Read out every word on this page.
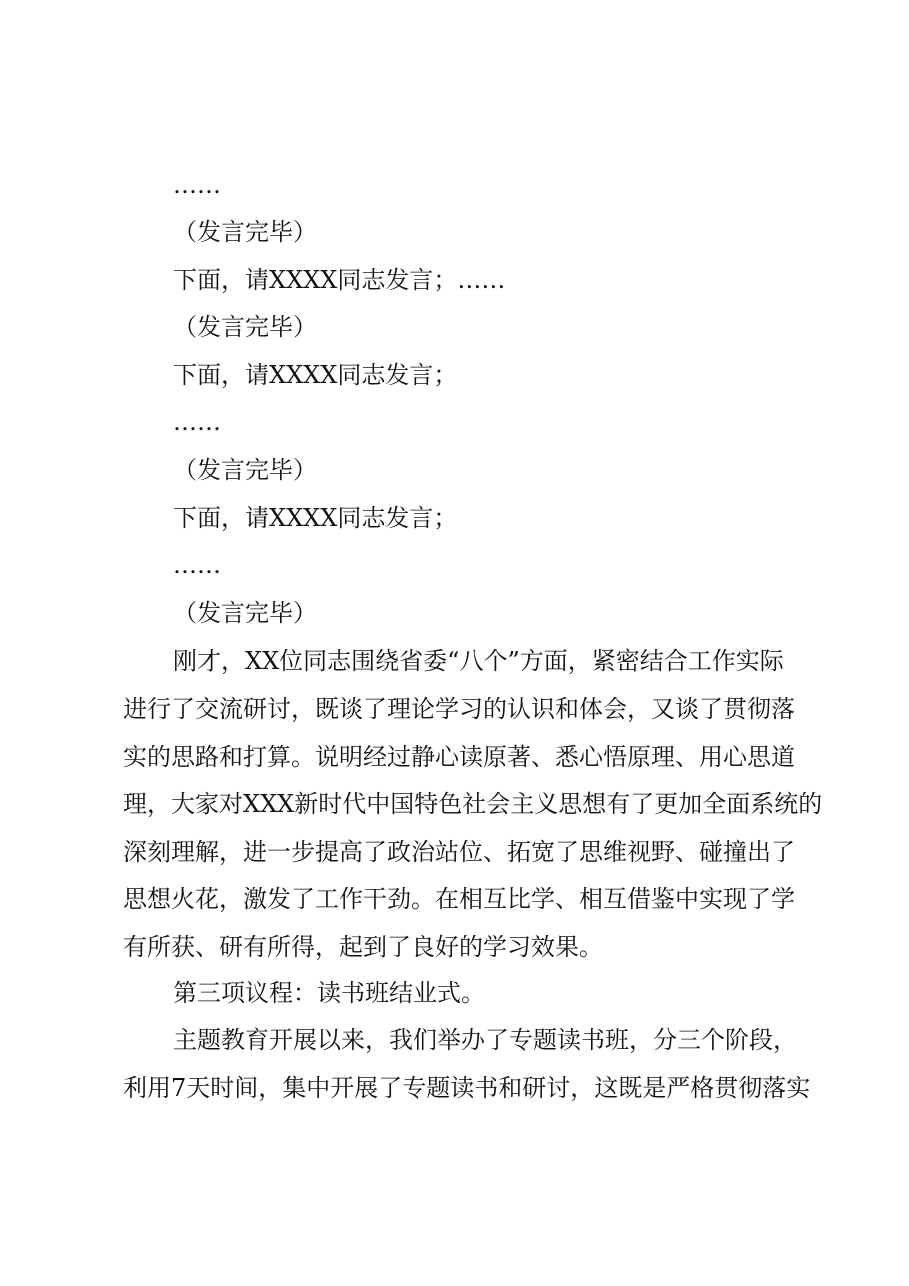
……
（发言完毕）
下面，请XXXX同志发言；……
（发言完毕）
下面，请XXXX同志发言；
……
（发言完毕）
下面，请XXXX同志发言；
……
（发言完毕）
刚才，XX位同志围绕省委“八个”方面，紧密结合工作实际
进行了交流研讨，既谈了理论学习的认识和体会，又谈了贯彻落
实的思路和打算。说明经过静心读原著、悉心悟原理、用心思道
理，大家对XXX新时代中国特色社会主义思想有了更加全面系统的
深刻理解，进一步提高了政治站位、拓宽了思维视野、碰撞出了
思想火花，激发了工作干劲。在相互比学、相互借鉴中实现了学
有所获、研有所得，起到了良好的学习效果。
第三项议程：读书班结业式。
主题教育开展以来，我们举办了专题读书班，分三个阶段，
利用7天时间，集中开展了专题读书和研讨，这既是严格贯彻落实
